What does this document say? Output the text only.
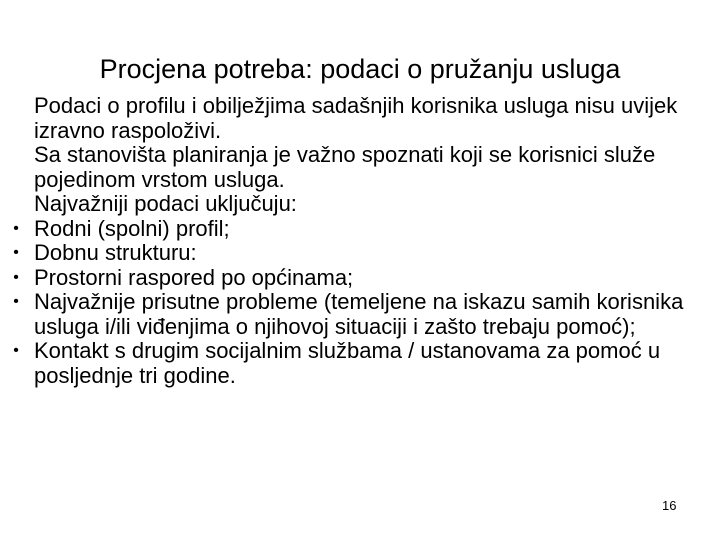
Procjena potreba: podaci o pružanju usluga
Podaci o profilu i obilježjima sadašnjih korisnika usluga nisu uvijek izravno raspoloživi.
Sa stanovišta planiranja je važno spoznati koji se korisnici služe pojedinom vrstom usluga.
Najvažniji podaci uključuju:
• Rodni (spolni) profil;
• Dobnu strukturu:
• Prostorni raspored po općinama;
• Najvažnije prisutne probleme (temeljene na iskazu samih korisnika usluga i/ili viđenjima o njihovoj situaciji i zašto trebaju pomoć);
• Kontakt s drugim socijalnim službama / ustanovama za pomoć u posljednje tri godine.
16
